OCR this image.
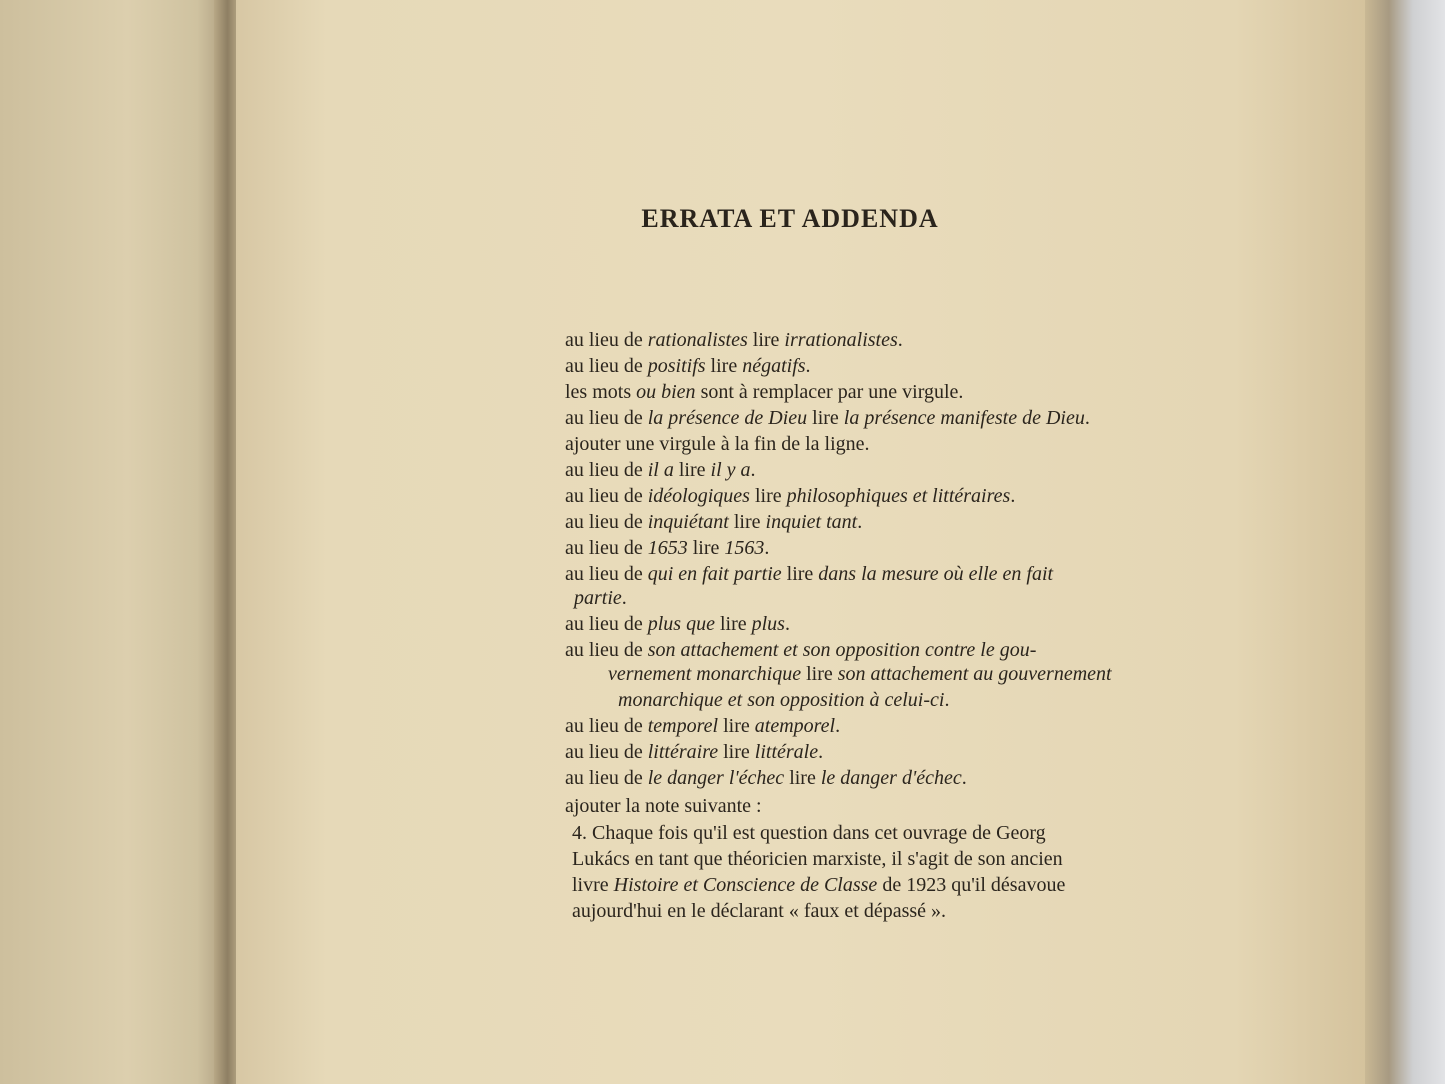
ERRATA ET ADDENDA
au lieu de rationalistes lire irrationalistes.
au lieu de positifs lire négatifs.
les mots ou bien sont à remplacer par une virgule.
au lieu de la présence de Dieu lire la présence manifeste de Dieu.
ajouter une virgule à la fin de la ligne.
au lieu de il a lire il y a.
au lieu de idéologiques lire philosophiques et littéraires.
au lieu de inquiétant lire inquiet tant.
au lieu de 1653 lire 1563.
au lieu de qui en fait partie lire dans la mesure où elle en fait
partie.
au lieu de plus que lire plus.
au lieu de son attachement et son opposition contre le gou-
vernement monarchique lire son attachement au gouvernement
monarchique et son opposition à celui-ci.
au lieu de temporel lire atemporel.
au lieu de littéraire lire littérale.
au lieu de le danger l'échec lire le danger d'échec.
ajouter la note suivante :
4. Chaque fois qu'il est question dans cet ouvrage de Georg
Lukács en tant que théoricien marxiste, il s'agit de son ancien
livre Histoire et Conscience de Classe de 1923 qu'il désavoue
aujourd'hui en le déclarant « faux et dépassé ».
